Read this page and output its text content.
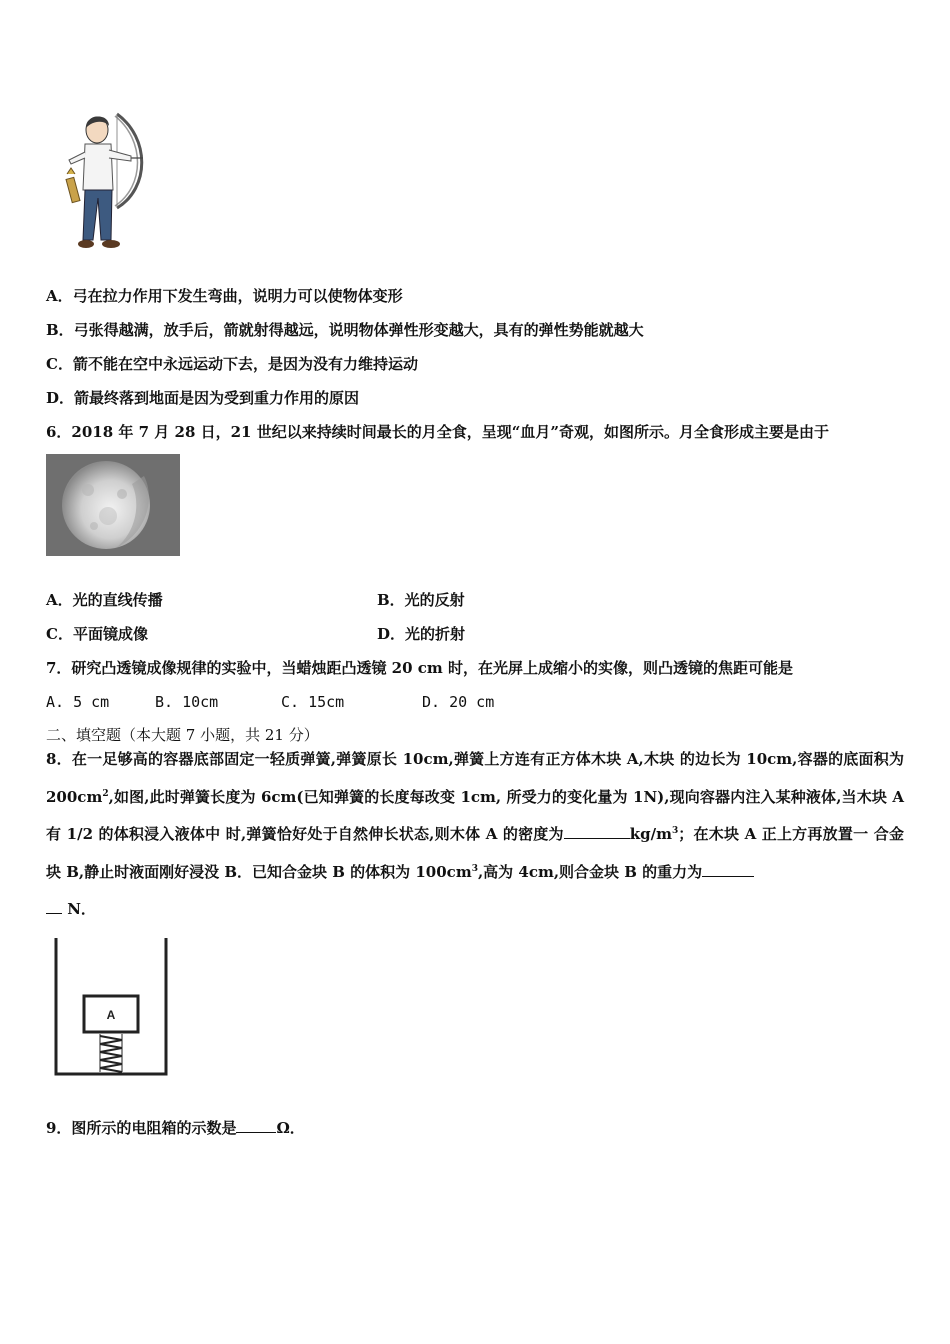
A．弓在拉力作用下发生弯曲，说明力可以使物体变形
B．弓张得越满，放手后，箭就射得越远，说明物体弹性形变越大，具有的弹性势能就越大
C．箭不能在空中永远运动下去，是因为没有力维持运动
D．箭最终落到地面是因为受到重力作用的原因
6．2018 年 7 月 28 日，21 世纪以来持续时间最长的月全食，呈现“血月”奇观，如图所示。月全食形成主要是由于
A．光的直线传播	B．光的反射
C．平面镜成像	D．光的折射
7．研究凸透镜成像规律的实验中，当蜡烛距凸透镜 20 cm 时，在光屏上成缩小的实像，则凸透镜的焦距可能是
A. 5 cm	B. 10cm	C. 15cm	D. 20 cm
二、填空题（本大题 7 小题，共 21 分）
8．在一足够高的容器底部固定一轻质弹簧,弹簧原长 10cm,弹簧上方连有正方体木块 A,木块 的边长为 10cm,容器的底面积为 $200cm^2$,如图,此时弹簧长度为 6cm(已知弹簧的长度每改变 1cm, 所受力的变化量为 1N),现向容器内注入某种液体,当木块 A 有 1/2 的体积浸入液体中 时,弹簧恰好处于自然伸长状态,则木体 A 的密度为	$kg/m^3$；在木块 A 正上方再放置一 合金块 B,静止时液面刚好浸没 B．已知合金块 B 的体积为 $100cm^3$,高为 4cm,则合金块 B 的重力为
N．
A
9．图所示的电阻箱的示数是	Ω．
